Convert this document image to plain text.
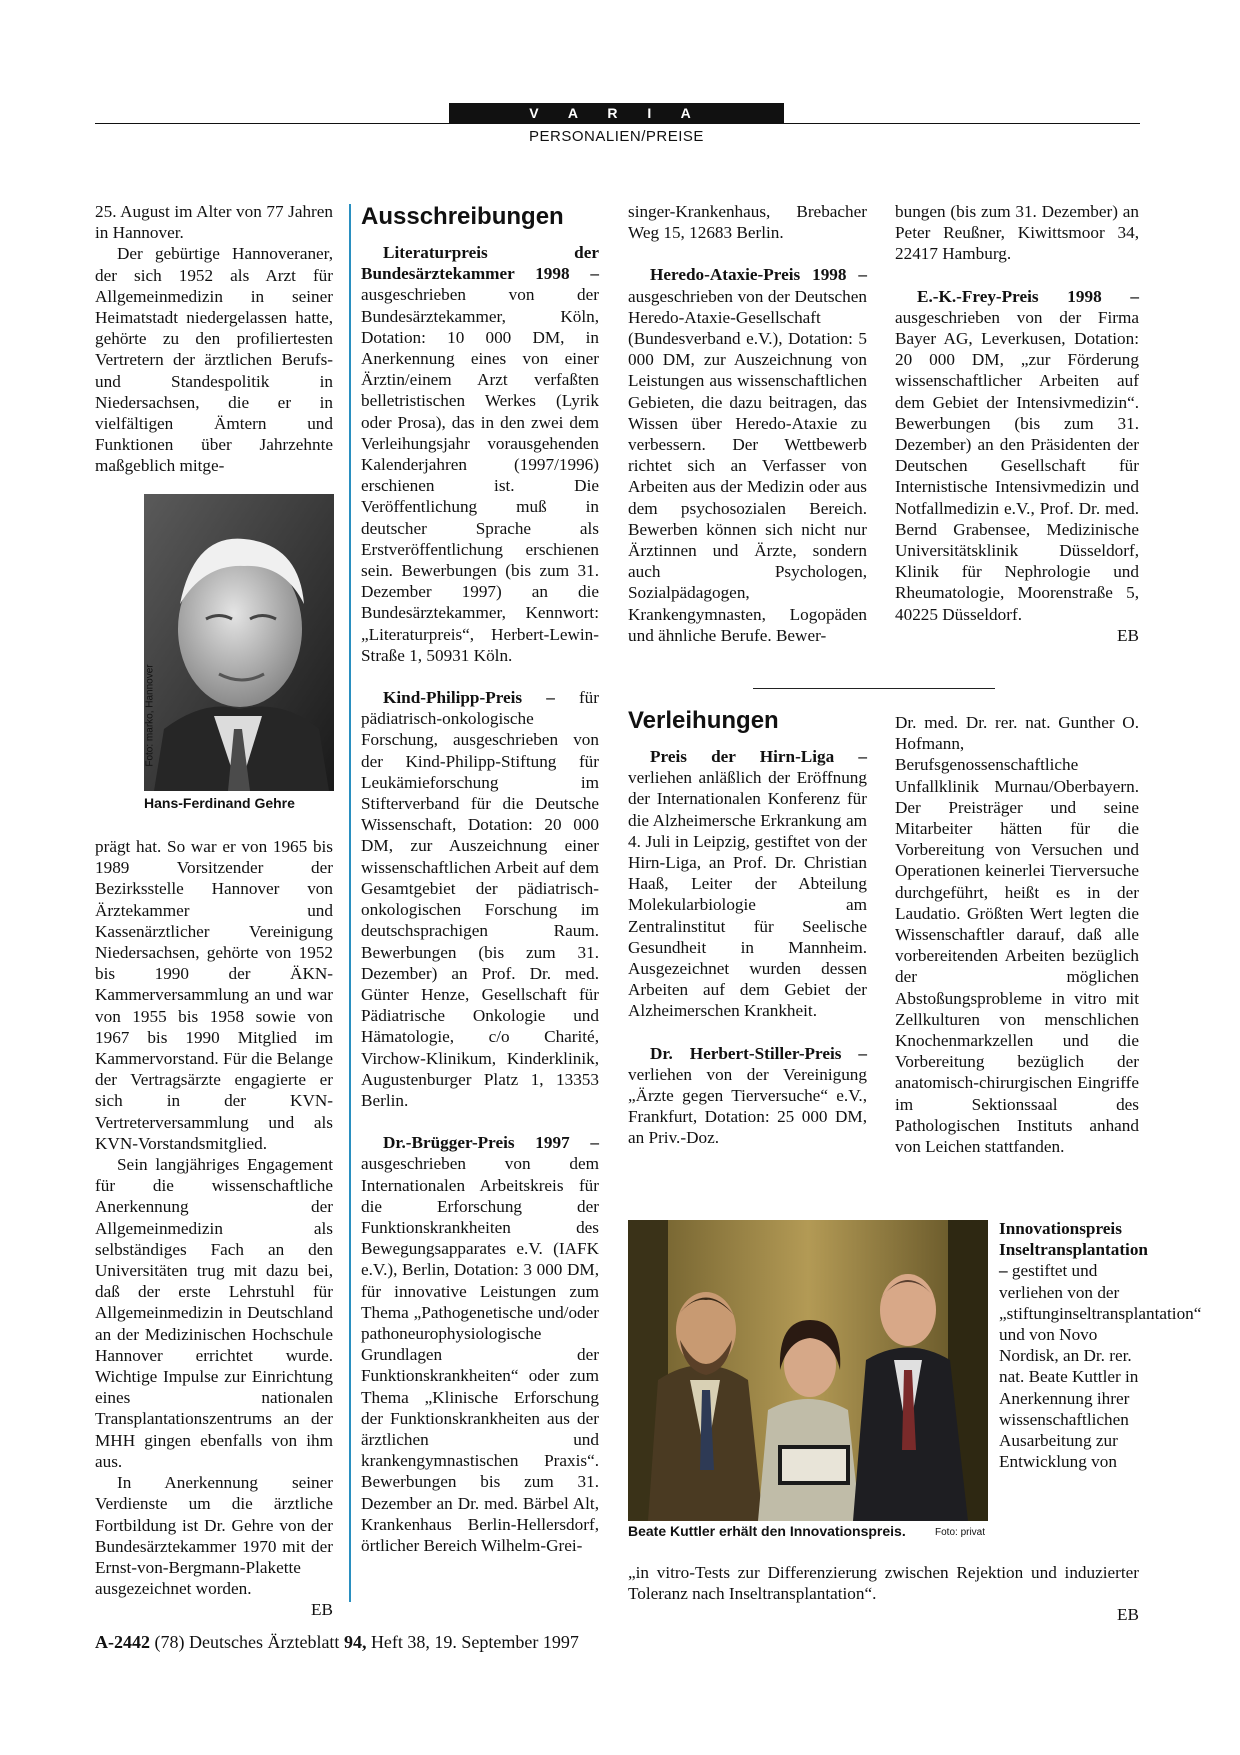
V A R I A
PERSONALIEN/PREISE

25. August im Alter von 77 Jahren in Hannover.

Der gebürtige Hannoveraner, der sich 1952 als Arzt für Allgemeinmedizin in seiner Heimatstadt niedergelassen hatte, gehörte zu den profiliertesten Vertretern der ärztlichen Berufs- und Standespolitik in Niedersachsen, die er in vielfältigen Ämtern und Funktionen über Jahrzehnte maßgeblich mitge-

Foto: marko, Hannover
Hans-Ferdinand Gehre

prägt hat. So war er von 1965 bis 1989 Vorsitzender der Bezirksstelle Hannover von Ärztekammer und Kassenärztlicher Vereinigung Niedersachsen, gehörte von 1952 bis 1990 der ÄKN-Kammerversammlung an und war von 1955 bis 1958 sowie von 1967 bis 1990 Mitglied im Kammervorstand. Für die Belange der Vertragsärzte engagierte er sich in der KVN-Vertreterversammlung und als KVN-Vorstandsmitglied.

Sein langjähriges Engagement für die wissenschaftliche Anerkennung der Allgemeinmedizin als selbständiges Fach an den Universitäten trug mit dazu bei, daß der erste Lehrstuhl für Allgemeinmedizin in Deutschland an der Medizinischen Hochschule Hannover errichtet wurde. Wichtige Impulse zur Einrichtung eines nationalen Transplantationszentrums an der MHH gingen ebenfalls von ihm aus.

In Anerkennung seiner Verdienste um die ärztliche Fortbildung ist Dr. Gehre von der Bundesärztekammer 1970 mit der Ernst-von-Bergmann-Plakette ausgezeichnet worden.
EB

Ausschreibungen

Literaturpreis der Bundesärztekammer 1998 – ausgeschrieben von der Bundesärztekammer, Köln, Dotation: 10 000 DM, in Anerkennung eines von einer Ärztin/einem Arzt verfaßten belletristischen Werkes (Lyrik oder Prosa), das in den zwei dem Verleihungsjahr vorausgehenden Kalenderjahren (1997/1996) erschienen ist. Die Veröffentlichung muß in deutscher Sprache als Erstveröffentlichung erschienen sein. Bewerbungen (bis zum 31. Dezember 1997) an die Bundesärztekammer, Kennwort: „Literaturpreis“, Herbert-Lewin-Straße 1, 50931 Köln.

Kind-Philipp-Preis – für pädiatrisch-onkologische Forschung, ausgeschrieben von der Kind-Philipp-Stiftung für Leukämieforschung im Stifterverband für die Deutsche Wissenschaft, Dotation: 20 000 DM, zur Auszeichnung einer wissenschaftlichen Arbeit auf dem Gesamtgebiet der pädiatrisch-onkologischen Forschung im deutschsprachigen Raum. Bewerbungen (bis zum 31. Dezember) an Prof. Dr. med. Günter Henze, Gesellschaft für Pädiatrische Onkologie und Hämatologie, c/o Charité, Virchow-Klinikum, Kinderklinik, Augustenburger Platz 1, 13353 Berlin.

Dr.-Brügger-Preis 1997 – ausgeschrieben von dem Internationalen Arbeitskreis für die Erforschung der Funktionskrankheiten des Bewegungsapparates e.V. (IAFK e.V.), Berlin, Dotation: 3 000 DM, für innovative Leistungen zum Thema „Pathogenetische und/oder pathoneurophysiologische Grundlagen der Funktionskrankheiten“ oder zum Thema „Klinische Erforschung der Funktionskrankheiten aus der ärztlichen und krankengymnastischen Praxis“. Bewerbungen bis zum 31. Dezember an Dr. med. Bärbel Alt, Krankenhaus Berlin-Hellersdorf, örtlicher Bereich Wilhelm-Grei-

singer-Krankenhaus, Brebacher Weg 15, 12683 Berlin.

Heredo-Ataxie-Preis 1998 – ausgeschrieben von der Deutschen Heredo-Ataxie-Gesellschaft (Bundesverband e.V.), Dotation: 5 000 DM, zur Auszeichnung von Leistungen aus wissenschaftlichen Gebieten, die dazu beitragen, das Wissen über Heredo-Ataxie zu verbessern. Der Wettbewerb richtet sich an Verfasser von Arbeiten aus der Medizin oder aus dem psychosozialen Bereich. Bewerben können sich nicht nur Ärztinnen und Ärzte, sondern auch Psychologen, Sozialpädagogen, Krankengymnasten, Logopäden und ähnliche Berufe. Bewer-

bungen (bis zum 31. Dezember) an Peter Reußner, Kiwittsmoor 34, 22417 Hamburg.

E.-K.-Frey-Preis 1998 – ausgeschrieben von der Firma Bayer AG, Leverkusen, Dotation: 20 000 DM, „zur Förderung wissenschaftlicher Arbeiten auf dem Gebiet der Intensivmedizin“. Bewerbungen (bis zum 31. Dezember) an den Präsidenten der Deutschen Gesellschaft für Internistische Intensivmedizin und Notfallmedizin e.V., Prof. Dr. med. Bernd Grabensee, Medizinische Universitätsklinik Düsseldorf, Klinik für Nephrologie und Rheumatologie, Moorenstraße 5, 40225 Düsseldorf.
EB

Verleihungen

Preis der Hirn-Liga – verliehen anläßlich der Eröffnung der Internationalen Konferenz für die Alzheimersche Erkrankung am 4. Juli in Leipzig, gestiftet von der Hirn-Liga, an Prof. Dr. Christian Haaß, Leiter der Abteilung Molekularbiologie am Zentralinstitut für Seelische Gesundheit in Mannheim. Ausgezeichnet wurden dessen Arbeiten auf dem Gebiet der Alzheimerschen Krankheit.

Dr. Herbert-Stiller-Preis – verliehen von der Vereinigung „Ärzte gegen Tierversuche“ e.V., Frankfurt, Dotation: 25 000 DM, an Priv.-Doz.

Dr. med. Dr. rer. nat. Gunther O. Hofmann, Berufsgenossenschaftliche Unfallklinik Murnau/Oberbayern. Der Preisträger und seine Mitarbeiter hätten für die Vorbereitung von Versuchen und Operationen keinerlei Tierversuche durchgeführt, heißt es in der Laudatio. Größten Wert legten die Wissenschaftler darauf, daß alle vorbereitenden Arbeiten bezüglich der möglichen Abstoßungsprobleme in vitro mit Zellkulturen von menschlichen Knochenmarkzellen und die Vorbereitung bezüglich der anatomisch-chirurgischen Eingriffe im Sektionssaal des Pathologischen Instituts anhand von Leichen stattfanden.

Beate Kuttler erhält den Innovationspreis.	Foto: privat

Innovationspreis Inseltransplantation – gestiftet und verliehen von der „stiftunginseltransplantation“ und von Novo Nordisk, an Dr. rer. nat. Beate Kuttler in Anerkennung ihrer wissenschaftlichen Ausarbeitung zur Entwicklung von

„in vitro-Tests zur Differenzierung zwischen Rejektion und induzierter Toleranz nach Inseltransplantation“.
EB

A-2442 (78) Deutsches Ärzteblatt 94, Heft 38, 19. September 1997
